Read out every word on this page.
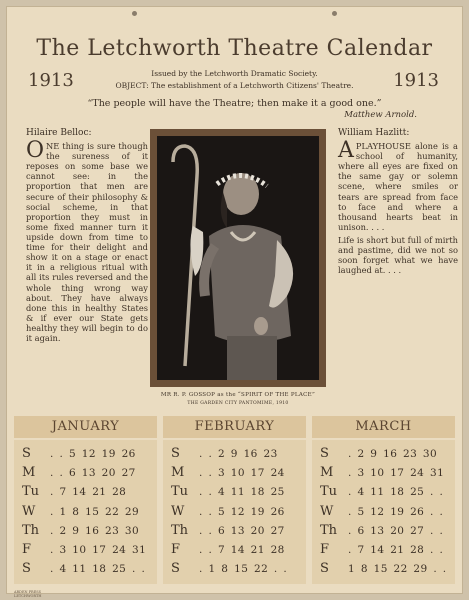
The Letchworth Theatre Calendar
1913	1913
Issued by the Letchworth Dramatic Society.
OBJECT: The establishment of a Letchworth Citizens' Theatre.
“The people will have the Theatre; then make it a good one.”
Matthew Arnold.
Hilaire Belloc:

ONE thing is sure though the sureness of it reposes on some base we cannot see: in the proportion that men are secure of their philosophy & social scheme, in that proportion they must in some fixed manner turn it upside down from time to time for their delight and show it on a stage or enact it in a religious ritual with all its rules reversed and the whole thing wrong way about. They have always done this in healthy States & if ever our State gets healthy they will begin to do it again.

MR R. P. GOSSOP as the “SPIRIT OF THE PLACE”
THE GARDEN CITY PANTOMIME, 1910
William Hazlitt:

APLAYHOUSE alone is a school of humanity, where all eyes are fixed on the same gay or solemn scene, where smiles or tears are spread from face to face and where a thousand hearts beat in unison. . . .

Life is short but full of mirth and pastime, did we not so soon forget what we have laughed at. . . .

JANUARY
S	. . 5 12 19 26
M	. . 6 13 20 27
Tu	. 7 14 21 28
W	. 1 8 15 22 29
Th	. 2 9 16 23 30
F	. 3 10 17 24 31
S	. 4 11 18 25 . .
FEBRUARY
S	. . 2 9 16 23
M	. . 3 10 17 24
Tu	. . 4 11 18 25
W	. . 5 12 19 26
Th	. . 6 13 20 27
F	. . 7 14 21 28
S	. 1 8 15 22 . .
MARCH
S	. 2 9 16 23 30
M	. 3 10 17 24 31
Tu	. 4 11 18 25 . .
W	. 5 12 19 26 . .
Th	. 6 13 20 27 . .
F	. 7 14 21 28 . .
S	1 8 15 22 29 . .
ARDEN PRESS
LETCHWORTH
